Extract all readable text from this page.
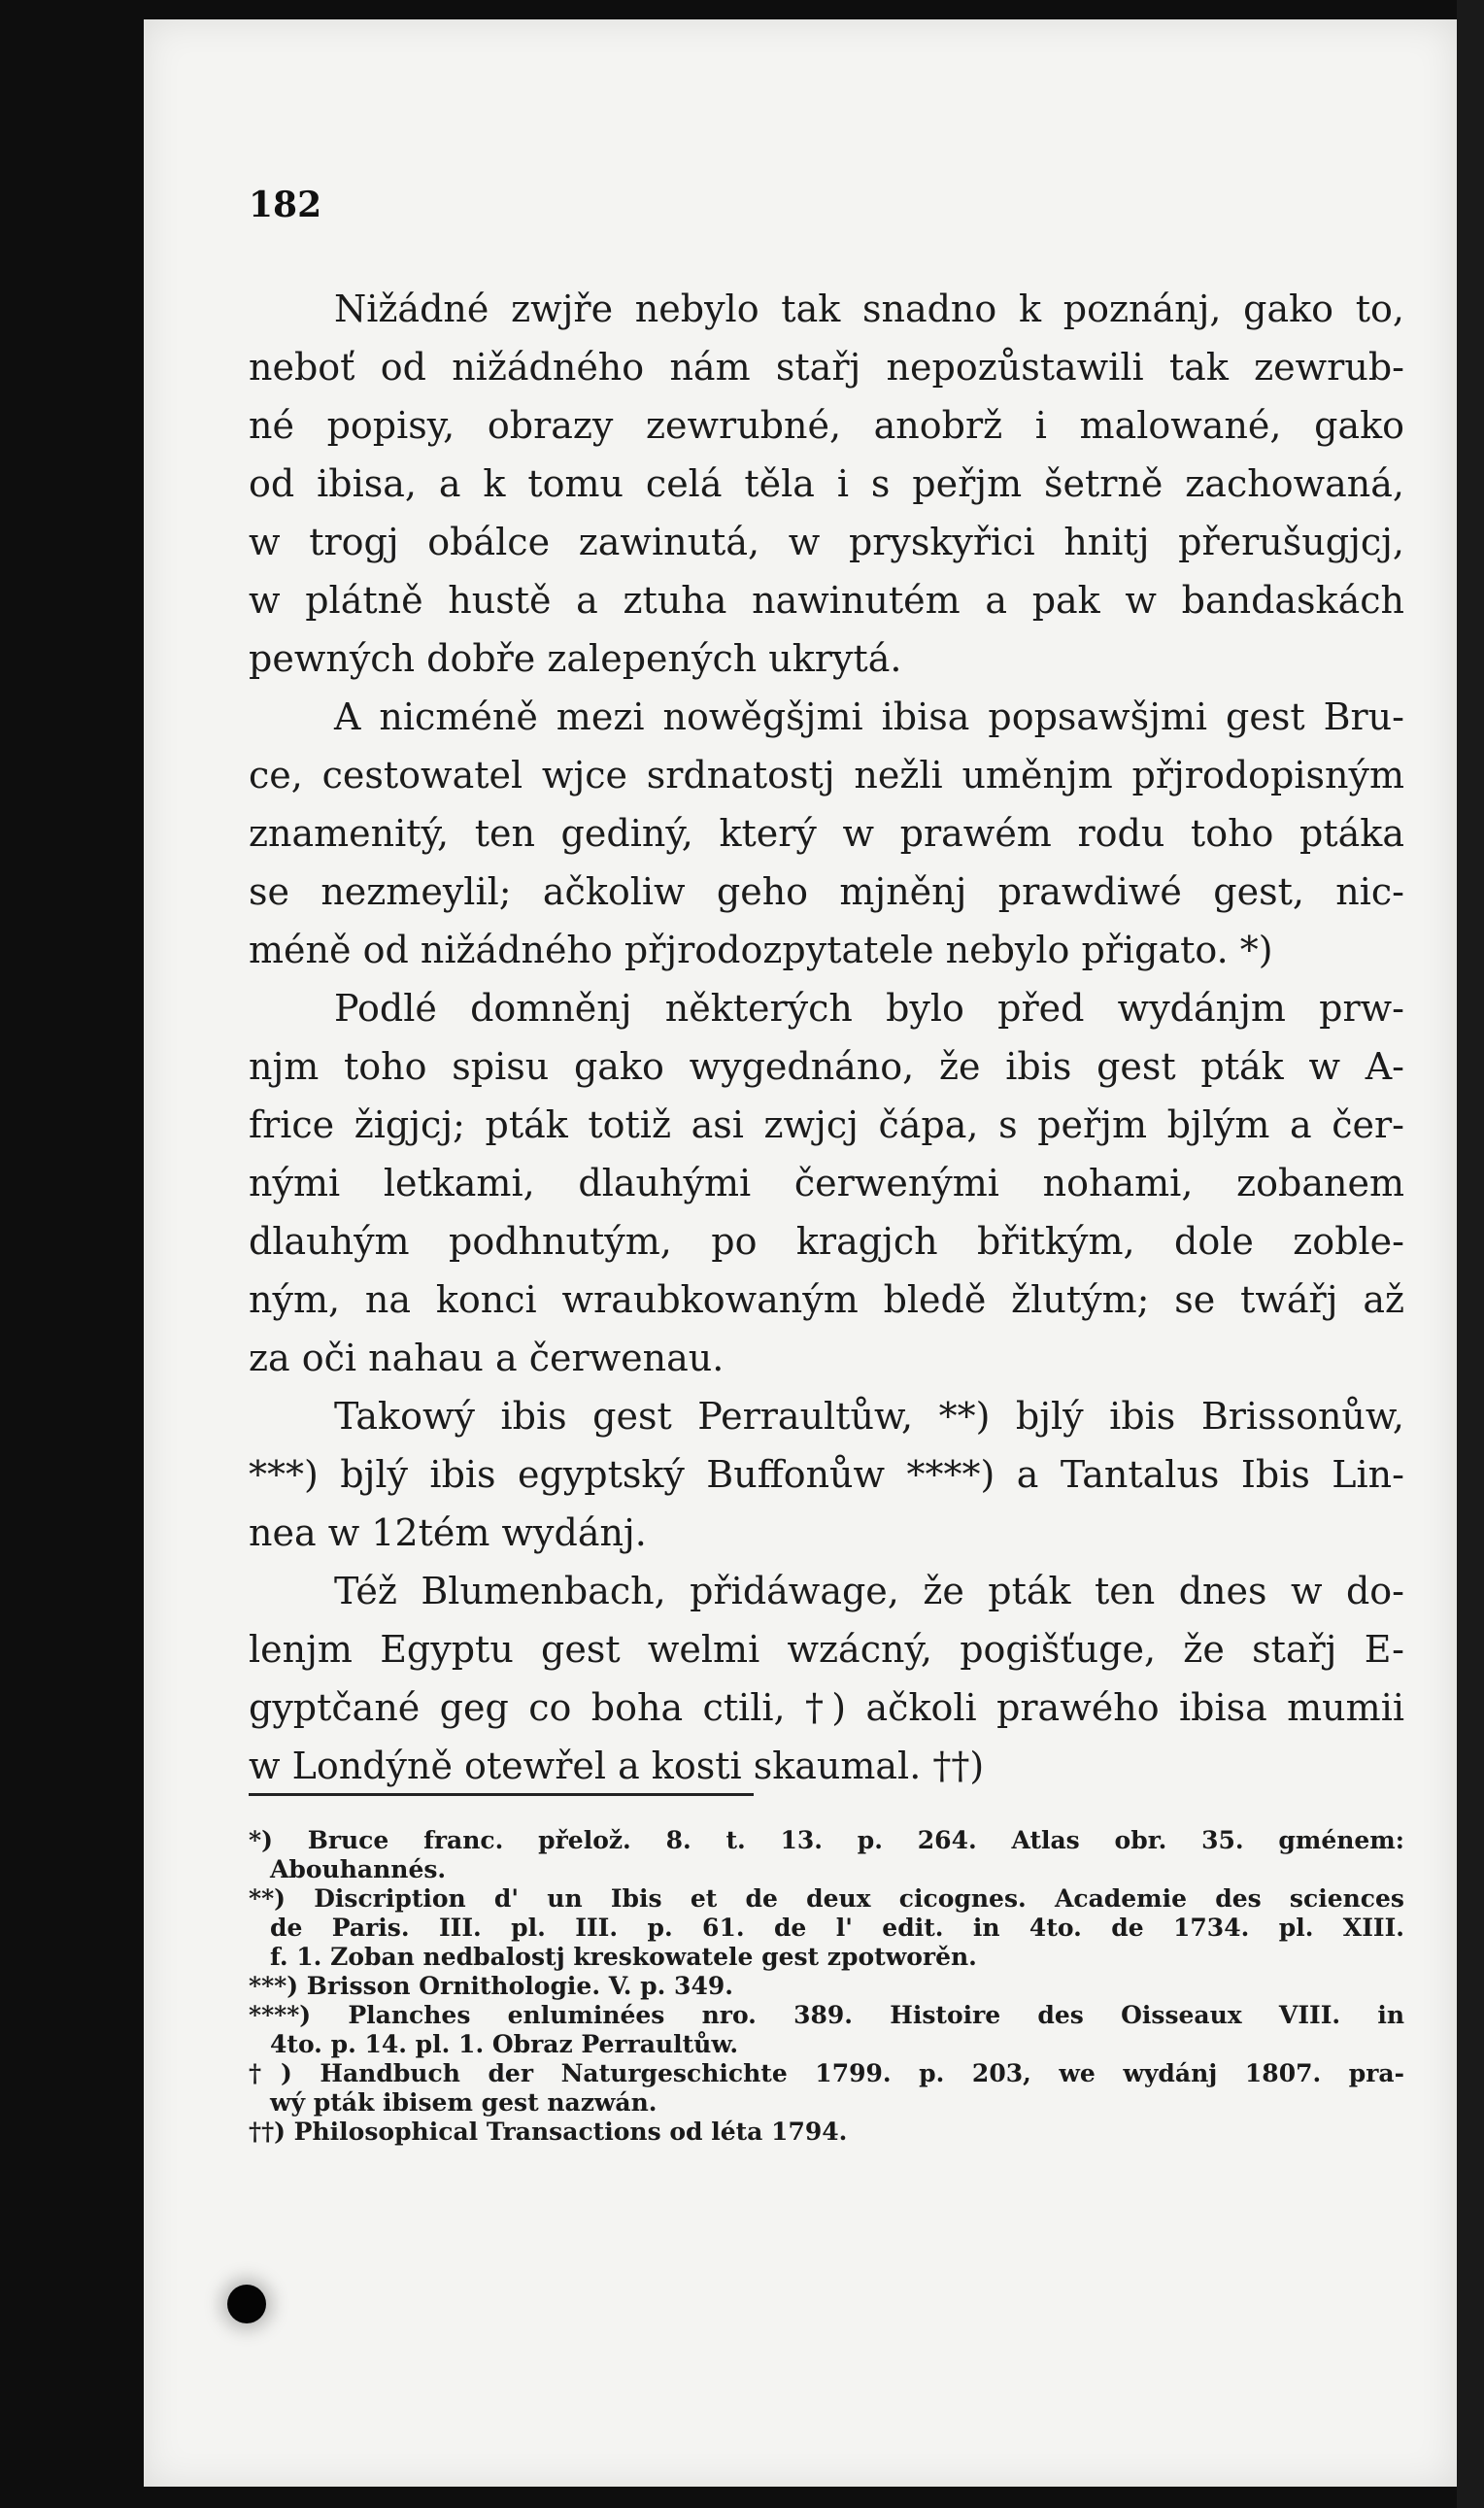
182
Nižádné zwjře nebylo tak snadno k poznánj, gako to,
neboť od nižádného nám stařj nepozůstawili tak zewrub-
né popisy, obrazy zewrubné, anobrž i malowané, gako
od ibisa, a k tomu celá těla i s peřjm šetrně zachowaná,
w trogj obálce zawinutá, w pryskyřici hnitj přerušugjcj,
w plátně hustě a ztuha nawinutém a pak w bandaskách
pewných dobře zalepených ukrytá.
A nicméně mezi nowěgšjmi ibisa popsawšjmi gest Bru-
ce, cestowatel wjce srdnatostj nežli uměnjm přjrodopisným
znamenitý, ten gediný, který w prawém rodu toho ptáka
se nezmeylil; ačkoliw geho mjněnj prawdiwé gest, nic-
méně od nižádného přjrodozpytatele nebylo přigato. *)
Podlé domněnj některých bylo před wydánjm prw-
njm toho spisu gako wygednáno, že ibis gest pták w A-
frice žigjcj; pták totiž asi zwjcj čápa, s peřjm bjlým a čer-
nými letkami, dlauhými čerwenými nohami, zobanem
dlauhým podhnutým, po kragjch břitkým, dole zoble-
ným, na konci wraubkowaným bledě žlutým; se twářj až
za oči nahau a čerwenau.
Takowý ibis gest Perraultůw, **) bjlý ibis Brissonůw,
***) bjlý ibis egyptský Buffonůw ****) a Tantalus Ibis Lin-
nea w 12tém wydánj.
Též Blumenbach, přidáwage, že pták ten dnes w do-
lenjm Egyptu gest welmi wzácný, pogišťuge, že stařj E-
gyptčané geg co boha ctili, †) ačkoli prawého ibisa mumii
w Londýně otewřel a kosti skaumal. ††)
*) Bruce franc. přelož. 8. t. 13. p. 264. Atlas obr. 35. gménem:
Abouhannés.
**) Discription d' un Ibis et de deux cicognes. Academie des sciences
de Paris. III. pl. III. p. 61. de l' edit. in 4to. de 1734. pl. XIII.
f. 1. Zoban nedbalostj kreskowatele gest zpotworěn.
***) Brisson Ornithologie. V. p. 349.
****) Planches enluminées nro. 389. Histoire des Oisseaux VIII. in
4to. p. 14. pl. 1. Obraz Perraultůw.
†) Handbuch der Naturgeschichte 1799. p. 203, we wydánj 1807. pra-
wý pták ibisem gest nazwán.
††) Philosophical Transactions od léta 1794.
